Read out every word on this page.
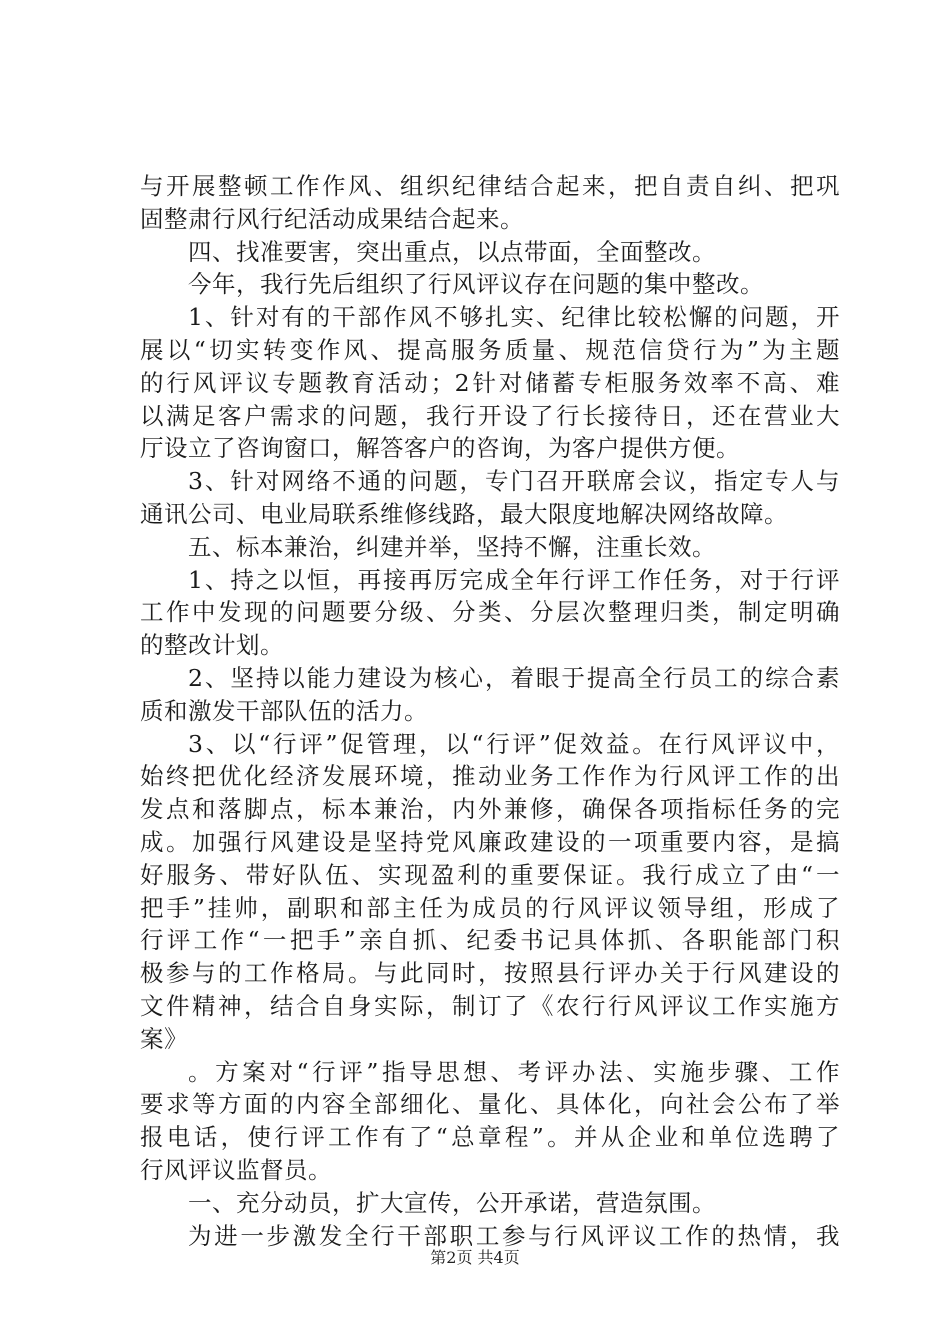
与开展整顿工作作风、组织纪律结合起来，把自责自纠、把巩
固整肃行风行纪活动成果结合起来。
四、找准要害，突出重点，以点带面，全面整改。
今年，我行先后组织了行风评议存在问题的集中整改。
1、针对有的干部作风不够扎实、纪律比较松懈的问题，开
展以“切实转变作风、提高服务质量、规范信贷行为”为主题
的行风评议专题教育活动；2针对储蓄专柜服务效率不高、难
以满足客户需求的问题，我行开设了行长接待日，还在营业大
厅设立了咨询窗口，解答客户的咨询，为客户提供方便。
3、针对网络不通的问题，专门召开联席会议，指定专人与
通讯公司、电业局联系维修线路，最大限度地解决网络故障。
五、标本兼治，纠建并举，坚持不懈，注重长效。
1、持之以恒，再接再厉完成全年行评工作任务，对于行评
工作中发现的问题要分级、分类、分层次整理归类，制定明确
的整改计划。
2、坚持以能力建设为核心，着眼于提高全行员工的综合素
质和激发干部队伍的活力。
3、以“行评”促管理，以“行评”促效益。在行风评议中，
始终把优化经济发展环境，推动业务工作作为行风评工作的出
发点和落脚点，标本兼治，内外兼修，确保各项指标任务的完
成。加强行风建设是坚持党风廉政建设的一项重要内容，是搞
好服务、带好队伍、实现盈利的重要保证。我行成立了由“一
把手”挂帅，副职和部主任为成员的行风评议领导组，形成了
行评工作“一把手”亲自抓、纪委书记具体抓、各职能部门积
极参与的工作格局。与此同时，按照县行评办关于行风建设的
文件精神，结合自身实际，制订了《农行行风评议工作实施方
案》
。方案对“行评”指导思想、考评办法、实施步骤、工作
要求等方面的内容全部细化、量化、具体化，向社会公布了举
报电话，使行评工作有了“总章程”。并从企业和单位选聘了
行风评议监督员。
一、充分动员，扩大宣传，公开承诺，营造氛围。
为进一步激发全行干部职工参与行风评议工作的热情，我
第2页 共4页
